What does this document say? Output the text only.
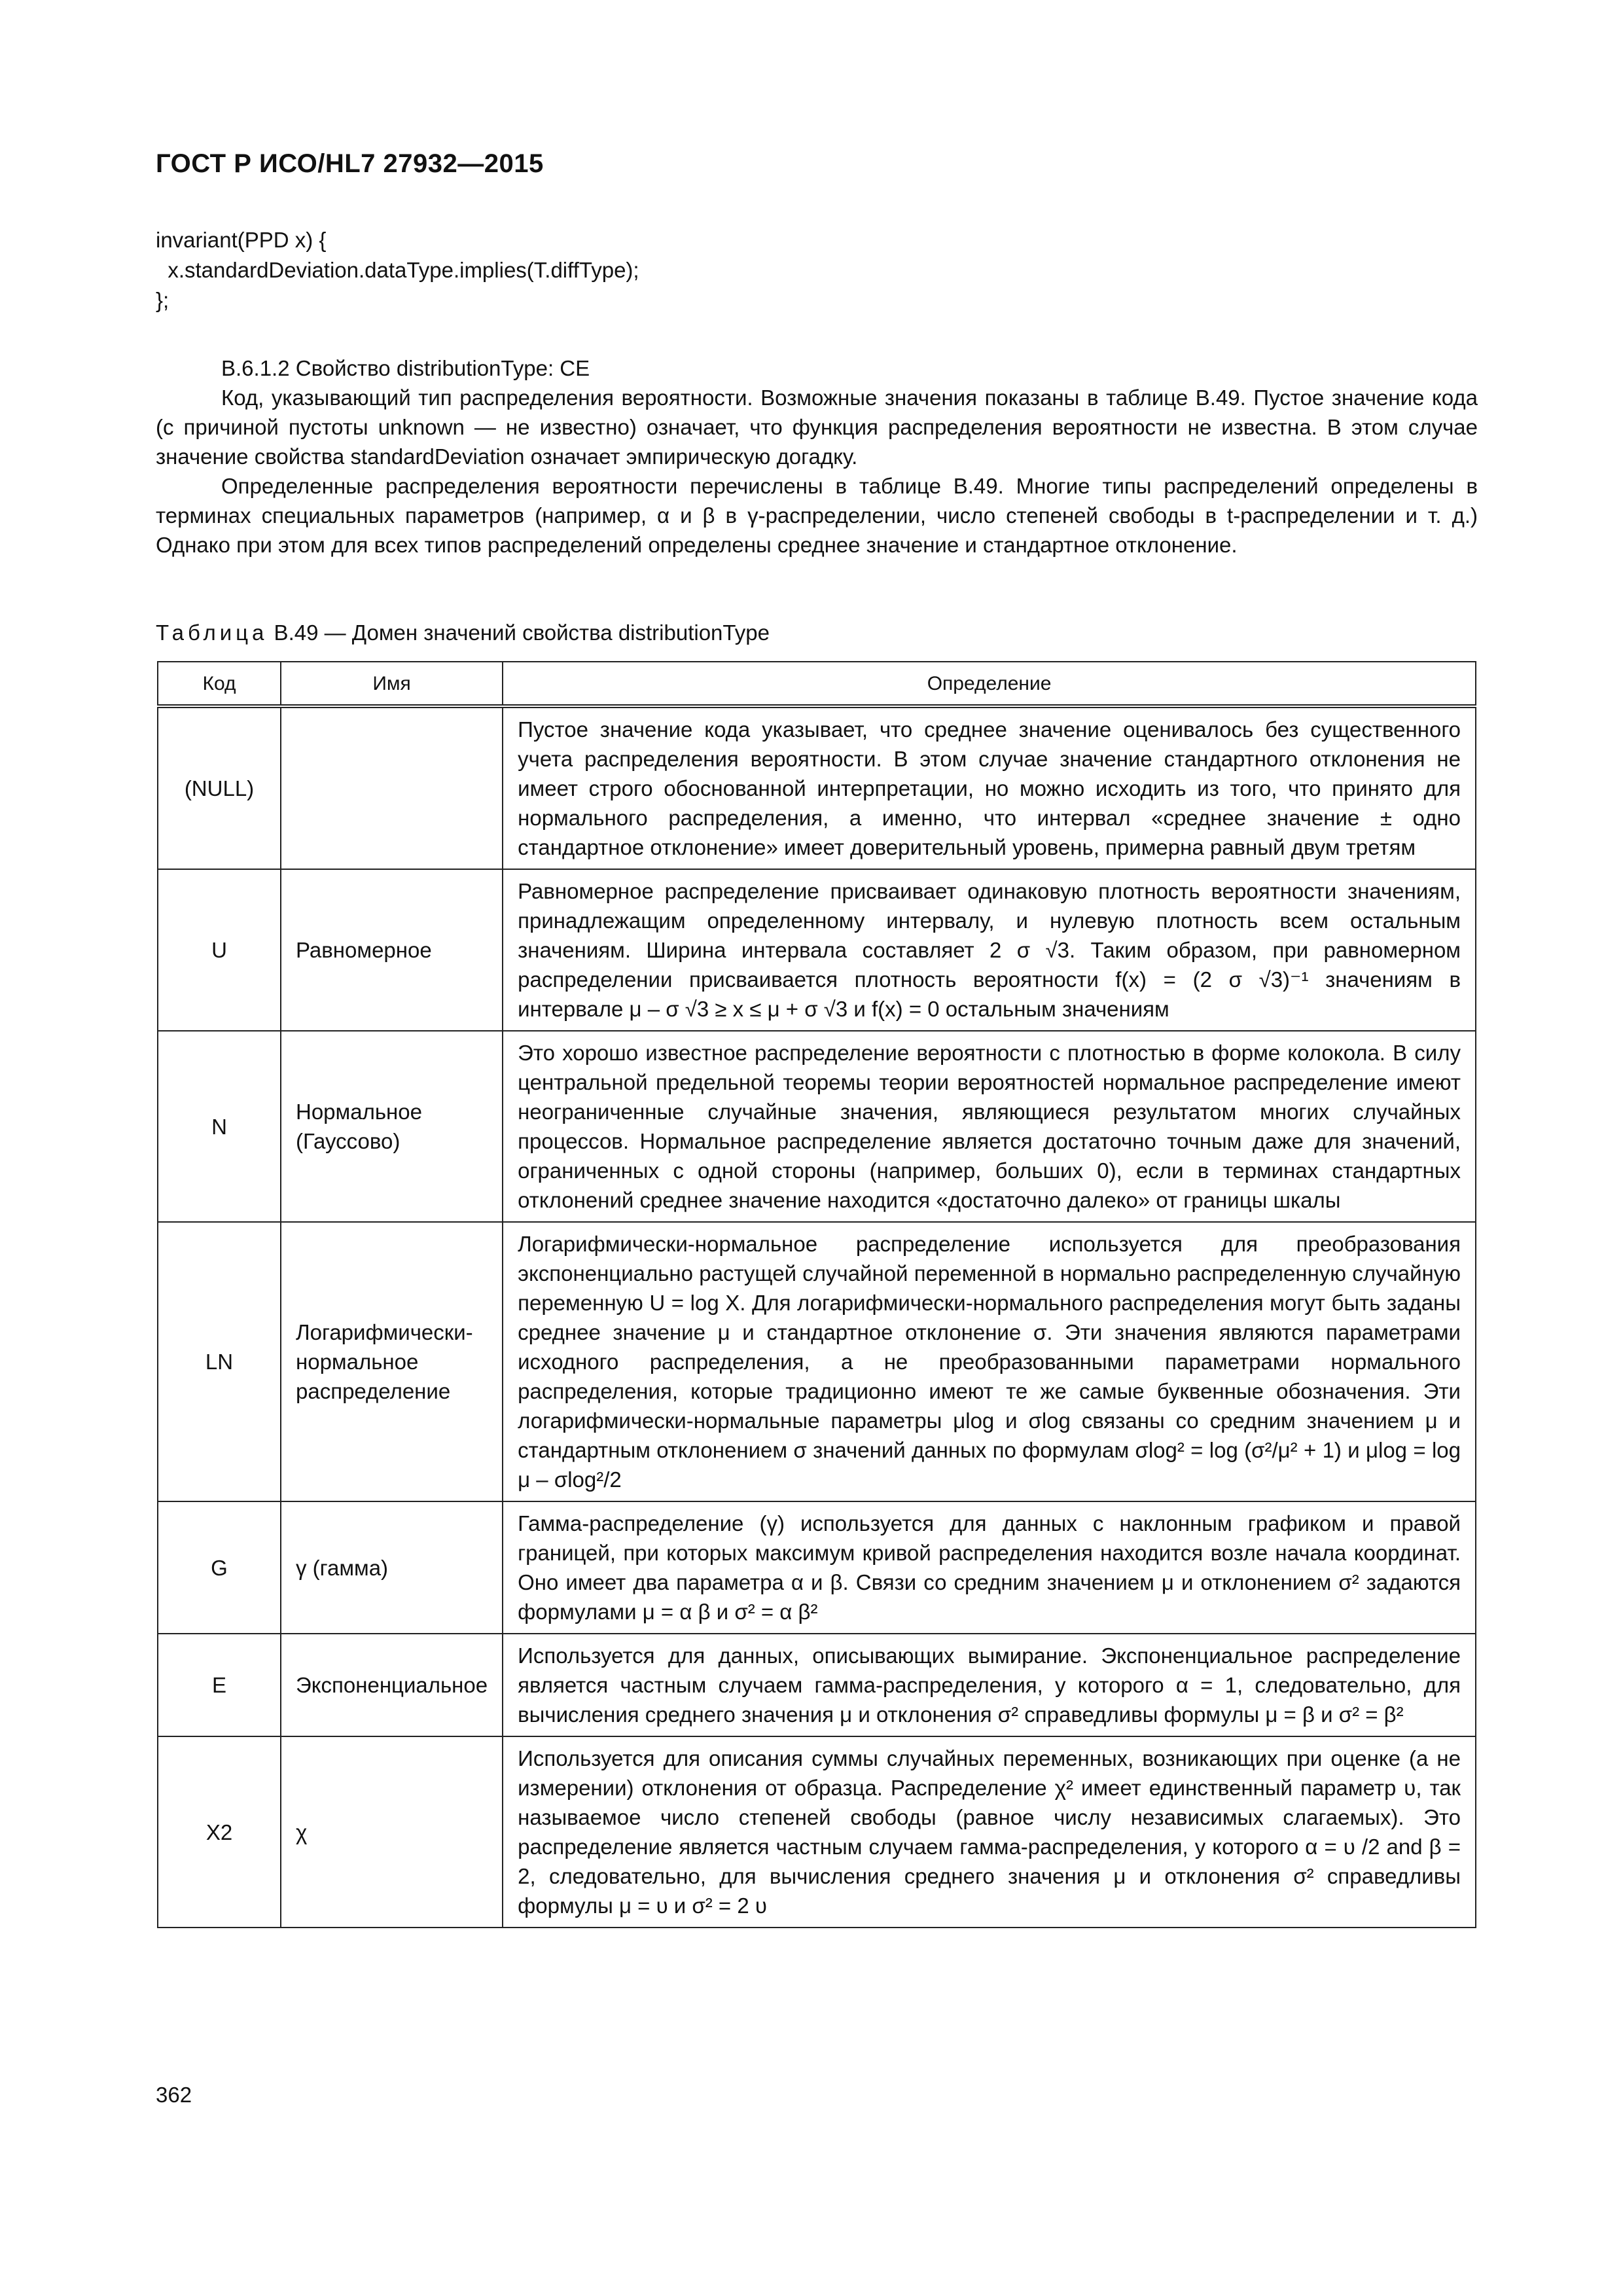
ГОСТ Р ИСО/HL7 27932—2015
invariant(PPD x) {
x.standardDeviation.dataType.implies(T.diffType);
};

В.6.1.2 Свойство distributionType: CE

Код, указывающий тип распределения вероятности. Возможные значения показаны в таблице В.49. Пустое значение кода (с причиной пустоты unknown — не известно) означает, что функция распределения вероятности не известна. В этом случае значение свойства standardDeviation означает эмпирическую догадку.

Определенные распределения вероятности перечислены в таблице В.49. Многие типы распределений определены в терминах специальных параметров (например, α и β в γ-распределении, число степеней свободы в t-распределении и т. д.) Однако при этом для всех типов распределений определены среднее значение и стандартное отклонение.

Таблица В.49 — Домен значений свойства distributionType
Код	Имя	Определение
(NULL)		Пустое значение кода указывает, что среднее значение оценивалось без существенного учета распределения вероятности. В этом случае значение стандартного отклонения не имеет строго обоснованной интерпретации, но можно исходить из того, что принято для нормального распределения, а именно, что интервал «среднее значение ± одно стандартное отклонение» имеет доверительный уровень, примерна равный двум третям
U	Равномерное	Равномерное распределение присваивает одинаковую плотность вероятности значениям, принадлежащим определенному интервалу, и нулевую плотность всем остальным значениям. Ширина интервала составляет 2 σ √3. Таким образом, при равномерном распределении присваивается плотность вероятности f(x) = (2 σ √3)⁻¹ значениям в интервале μ – σ √3 ≥ x ≤ μ + σ √3 и f(x) = 0 остальным значениям
N	Нормальное (Гауссово)	Это хорошо известное распределение вероятности с плотностью в форме колокола. В силу центральной предельной теоремы теории вероятностей нормальное распределение имеют неограниченные случайные значения, являющиеся результатом многих случайных процессов. Нормальное распределение является достаточно точным даже для значений, ограниченных с одной стороны (например, больших 0), если в терминах стандартных отклонений среднее значение находится «достаточно далеко» от границы шкалы
LN	Логарифмически-нормальное распределение	Логарифмически-нормальное распределение используется для преобразования экспоненциально растущей случайной переменной в нормально распределенную случайную переменную U = log X. Для логарифмически-нормального распределения могут быть заданы среднее значение μ и стандартное отклонение σ. Эти значения являются параметрами исходного распределения, а не преобразованными параметрами нормального распределения, которые традиционно имеют те же самые буквенные обозначения. Эти логарифмически-нормальные параметры μlog и σlog связаны со средним значением μ и стандартным отклонением σ значений данных по формулам σlog² = log (σ²/μ² + 1) и μlog = log μ – σlog²/2
G	γ (гамма)	Гамма-распределение (γ) используется для данных с наклонным графиком и правой границей, при которых максимум кривой распределения находится возле начала координат. Оно имеет два параметра α и β. Связи со средним значением μ и отклонением σ² задаются формулами μ = α β и σ² = α β²
E	Экспоненциальное	Используется для данных, описывающих вымирание. Экспоненциальное распределение является частным случаем гамма-распределения, у которого α = 1, следовательно, для вычисления среднего значения μ и отклонения σ² справедливы формулы μ = β и σ² = β²
X2	χ	Используется для описания суммы случайных переменных, возникающих при оценке (а не измерении) отклонения от образца. Распределение χ² имеет единственный параметр υ, так называемое число степеней свободы (равное числу независимых слагаемых). Это распределение является частным случаем гамма-распределения, у которого α = υ /2 and β = 2, следовательно, для вычисления среднего значения μ и отклонения σ² справедливы формулы μ = υ и σ² = 2 υ
362
